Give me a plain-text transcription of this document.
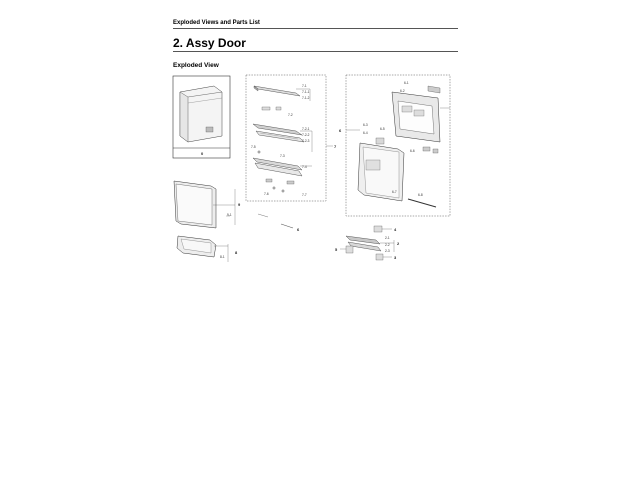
Exploded Views and Parts List
2. Assy Door
Exploded View
0
9-1
9
8-1
8
7-1
7-1-1
7-1-2
7-2
7-2-1
7-2-2
7-2-3
7-3
7-4
7-5
7-6	7-7
7
6
6-1
6-2
6-3
6-4
6-5
6-6
6-7
6-8
6
4
2-1
2-2
2-3
2
5
3
